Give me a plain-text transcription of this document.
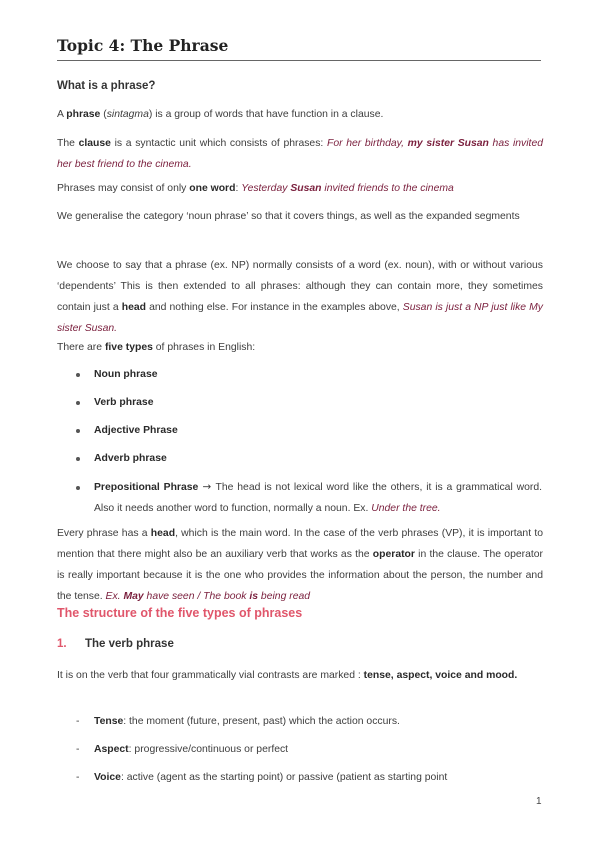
Topic 4: The Phrase
What is a phrase?
A phrase (sintagma) is a group of words that have function in a clause.
The clause is a syntactic unit which consists of phrases: For her birthday, my sister Susan has invited her best friend to the cinema.
Phrases may consist of only one word: Yesterday Susan invited friends to the cinema
We generalise the category ‘noun phrase’ so that it covers things, as well as the expanded segments
We choose to say that a phrase (ex. NP) normally consists of a word (ex. noun), with or without various ‘dependents’ This is then extended to all phrases: although they can contain more, they sometimes contain just a head and nothing else. For instance in the examples above, Susan is just a NP just like My sister Susan.
There are five types of phrases in English:
Noun phrase
Verb phrase
Adjective Phrase
Adverb phrase
Prepositional Phrase → The head is not lexical word like the others, it is a grammatical word. Also it needs another word to function, normally a noun. Ex. Under the tree.
Every phrase has a head, which is the main word. In the case of the verb phrases (VP), it is important to mention that there might also be an auxiliary verb that works as the operator in the clause. The operator is really important because it is the one who provides the information about the person, the number and the tense. Ex. May have seen / The book is being read
The structure of the five types of phrases
1. The verb phrase
It is on the verb that four grammatically vial contrasts are marked : tense, aspect, voice and mood.
- Tense: the moment (future, present, past) which the action occurs.
- Aspect: progressive/continuous or perfect
- Voice: active (agent as the starting point) or passive (patient as starting point
1
